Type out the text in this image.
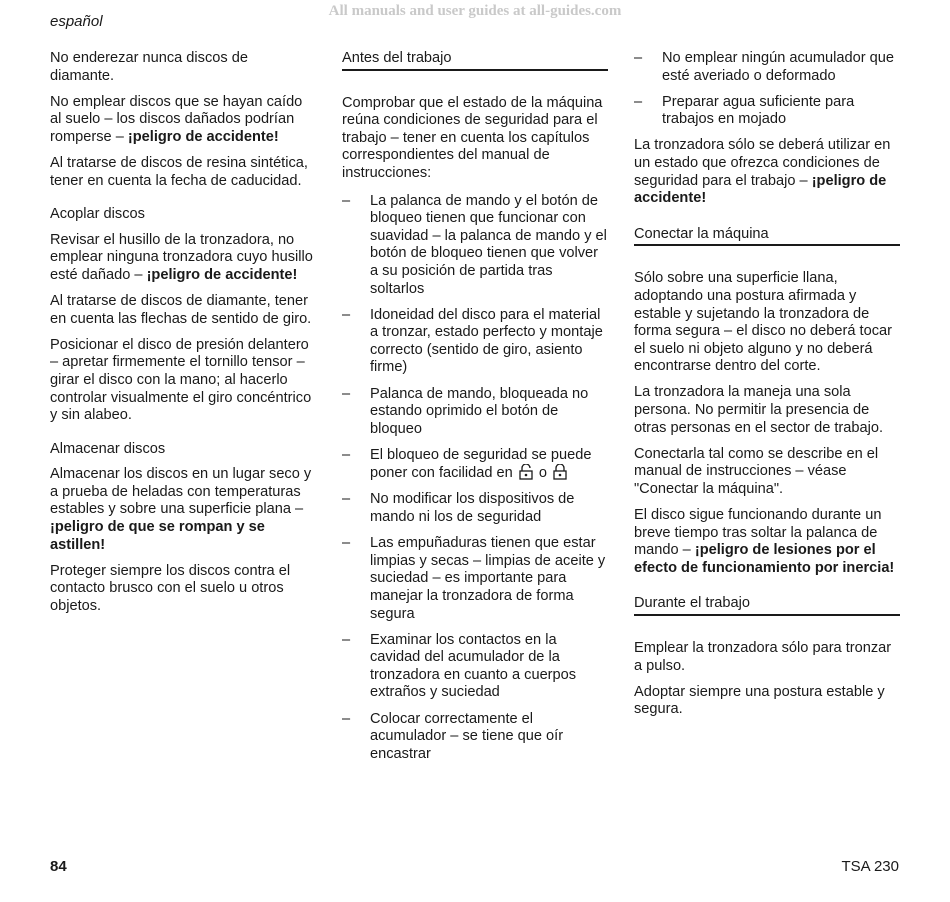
All manuals and user guides at all-guides.com
español

No enderezar nunca discos de diamante.

No emplear discos que se hayan caído al suelo – los discos dañados podrían romperse – ¡peligro de accidente!

Al tratarse de discos de resina sintética, tener en cuenta la fecha de caducidad.

Acoplar discos

Revisar el husillo de la tronzadora, no emplear ninguna tronzadora cuyo husillo esté dañado – ¡peligro de accidente!

Al tratarse de discos de diamante, tener en cuenta las flechas de sentido de giro.

Posicionar el disco de presión delantero – apretar firmemente el tornillo tensor – girar el disco con la mano; al hacerlo controlar visualmente el giro concéntrico y sin alabeo.

Almacenar discos

Almacenar los discos en un lugar seco y a prueba de heladas con temperaturas estables y sobre una superficie plana – ¡peligro de que se rompan y se astillen!

Proteger siempre los discos contra el contacto brusco con el suelo u otros objetos.

Antes del trabajo

Comprobar que el estado de la máquina reúna condiciones de seguridad para el trabajo – tener en cuenta los capítulos correspondientes del manual de instrucciones:

–	La palanca de mando y el botón de bloqueo tienen que funcionar con suavidad – la palanca de mando y el botón de bloqueo tienen que volver a su posición de partida tras soltarlos
–	Idoneidad del disco para el material a tronzar, estado perfecto y montaje correcto (sentido de giro, asiento firme)
–	Palanca de mando, bloqueada no estando oprimido el botón de bloqueo
–	El bloqueo de seguridad se puede poner con facilidad en o
–	No modificar los dispositivos de mando ni los de seguridad
–	Las empuñaduras tienen que estar limpias y secas – limpias de aceite y suciedad – es importante para manejar la tronzadora de forma segura
–	Examinar los contactos en la cavidad del acumulador de la tronzadora en cuanto a cuerpos extraños y suciedad
–	Colocar correctamente el acumulador – se tiene que oír encastrar
–	No emplear ningún acumulador que esté averiado o deformado
–	Preparar agua suficiente para trabajos en mojado

La tronzadora sólo se deberá utilizar en un estado que ofrezca condiciones de seguridad para el trabajo – ¡peligro de accidente!

Conectar la máquina

Sólo sobre una superficie llana, adoptando una postura afirmada y estable y sujetando la tronzadora de forma segura – el disco no deberá tocar el suelo ni objeto alguno y no deberá encontrarse dentro del corte.

La tronzadora la maneja una sola persona. No permitir la presencia de otras personas en el sector de trabajo.

Conectarla tal como se describe en el manual de instrucciones – véase "Conectar la máquina".

El disco sigue funcionando durante un breve tiempo tras soltar la palanca de mando – ¡peligro de lesiones por el efecto de funcionamiento por inercia!

Durante el trabajo

Emplear la tronzadora sólo para tronzar a pulso.

Adoptar siempre una postura estable y segura.

84	TSA 230
